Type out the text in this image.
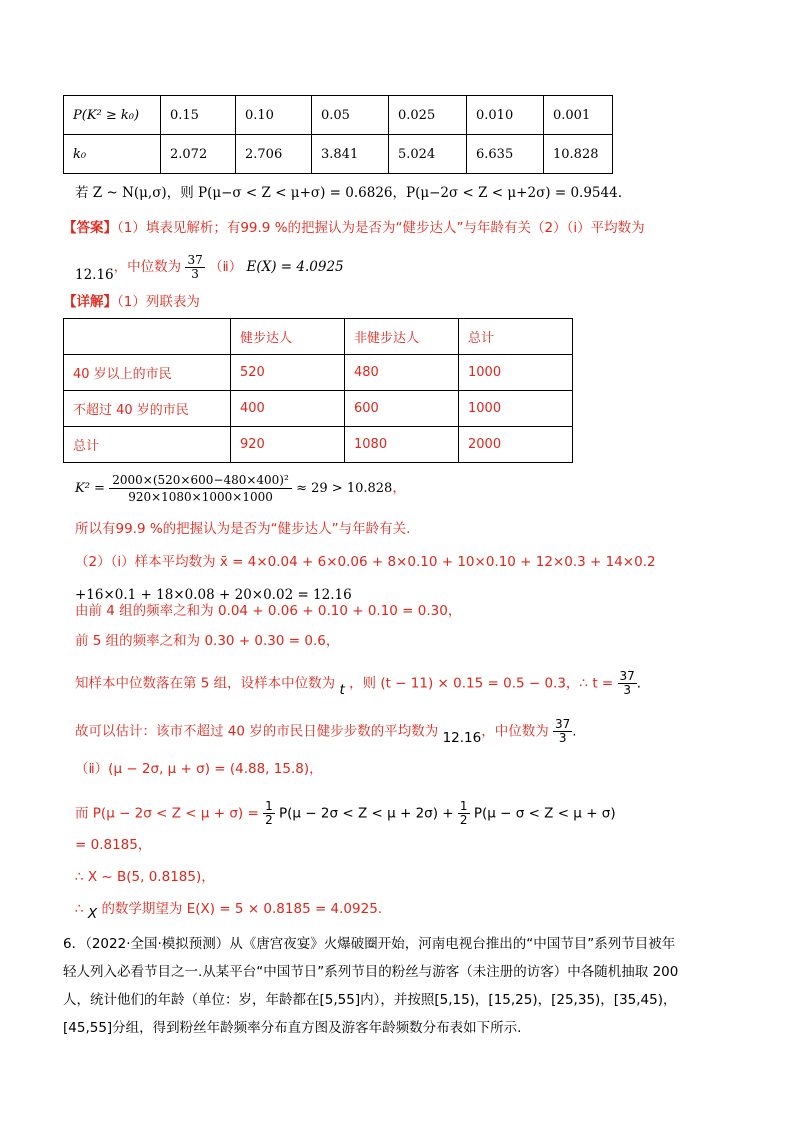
P(K² ≥ k₀)	0.15	0.10	0.05	0.025	0.010	0.001
k₀	2.072	2.706	3.841	5.024	6.635	10.828
若 Z ~ N(μ,σ)，则 P(μ−σ < Z < μ+σ) = 0.6826，P(μ−2σ < Z < μ+2σ) = 0.9544.
【答案】（1）填表见解析；有99.9 %的把握认为是否为“健步达人”与年龄有关（2）（ⅰ）平均数为
12.16，中位数为 $\frac{37}{3}$ （ⅱ） E(X) = 4.0925
【详解】（1）列联表为
	健步达人	非健步达人	总计
40 岁以上的市民	520	480	1000
不超过 40 岁的市民	400	600	1000
总计	920	1080	2000
$K^2 = \frac{\text{2000×(520×600−480×400)²}}{920\times 1080\times 1000\times 1000} \approx 29 > 10.828$，
所以有99.9 %的把握认为是否为“健步达人”与年龄有关.
（2）（ⅰ）样本平均数为 x̄ = 4×0.04 + 6×0.06 + 8×0.10 + 10×0.10 + 12×0.3 + 14×0.2
+16×0.1 + 18×0.08 + 20×0.02 = 12.16
由前 4 组的频率之和为 0.04 + 0.06 + 0.10 + 0.10 = 0.30，
前 5 组的频率之和为 0.30 + 0.30 = 0.6，
知样本中位数落在第 5 组，设样本中位数为 t ，则 (t − 11) × 0.15 = 0.5 − 0.3，∴ $t = \frac{37}{3}$ .
故可以估计：该市不超过 40 岁的市民日健步步数的平均数为 12.16，中位数为 $\frac{37}{3}$ .
（ⅱ）(μ − 2σ, μ + σ) = (4.88, 15.8)，
而 $P(\mu - 2\sigma < Z < \mu + \sigma) = \frac{1}{2} P(\mu - 2\sigma < Z < \mu + 2\sigma) + \frac{1}{2} P(\mu - \sigma < Z < \mu + \sigma)$
= 0.8185，
∴ X ~ B(5, 0.8185)，
∴ X 的数学期望为 E(X) = 5 × 0.8185 = 4.0925.
6．（2022·全国·模拟预测）从《唐宫夜宴》火爆破圈开始，河南电视台推出的“中国节目”系列节目被年
轻人列入必看节目之一.从某平台“中国节日”系列节目的粉丝与游客（未注册的访客）中各随机抽取 200
人，统计他们的年龄（单位：岁，年龄都在[5,55]内），并按照[5,15)，[15,25)，[25,35)，[35,45)，
[45,55]分组，得到粉丝年龄频率分布直方图及游客年龄频数分布表如下所示.
